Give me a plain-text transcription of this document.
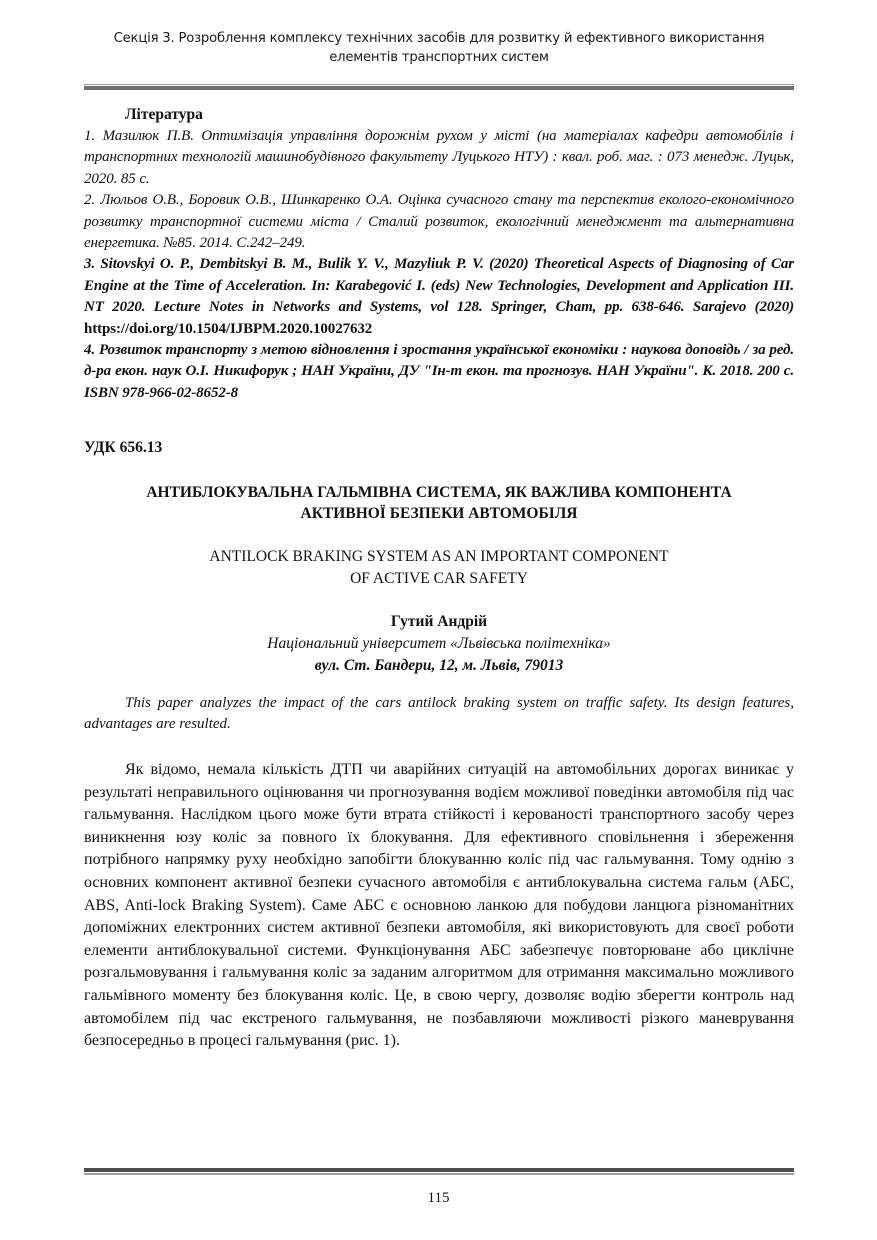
Секція 3. Розроблення комплексу технічних засобів для розвитку й ефективного використання елементів транспортних систем

Література

1. Мазилюк П.В. Оптимізація управління дорожнім рухом у місті (на матеріалах кафедри автомобілів і транспортних технологій машинобудівного факультету Луцького НТУ) : квал. роб. маг. : 073 менедж. Луцьк, 2020. 85 с.

2. Люльов О.В., Боровик О.В., Шинкаренко О.А. Оцінка сучасного стану та перспектив еколого-економічного розвитку транспортної системи міста / Сталий розвиток, екологічний менеджмент та альтернативна енергетика. №85. 2014. С.242–249.

3. Sitovskyi O. P., Dembitskyi B. M., Bulik Y. V., Mazyliuk P. V. (2020) Theoretical Aspects of Diagnosing of Car Engine at the Time of Acceleration. In: Karabegović I. (eds) New Technologies, Development and Application III. NT 2020. Lecture Notes in Networks and Systems, vol 128. Springer, Cham, pp. 638-646. Sarajevo (2020) https://doi.org/10.1504/IJBPM.2020.10027632

4. Розвиток транспорту з метою відновлення і зростання української економіки : наукова доповідь / за ред. д-ра екон. наук О.І. Никифорук ; НАН України, ДУ "Ін-т екон. та прогнозув. НАН України". К. 2018. 200 с. ISBN 978-966-02-8652-8

УДК 656.13
АНТИБЛОКУВАЛЬНА ГАЛЬМІВНА СИСТЕМА, ЯК ВАЖЛИВА КОМПОНЕНТА
АКТИВНОЇ БЕЗПЕКИ АВТОМОБІЛЯ
ANTILOCK BRAKING SYSTEM AS AN IMPORTANT COMPONENT
OF ACTIVE CAR SAFETY
Гутий Андрій
Національний університет «Львівська політехніка»
вул. Ст. Бандери, 12, м. Львів, 79013

This paper analyzes the impact of the cars antilock braking system on traffic safety. Its design features, advantages are resulted.

Як відомо, немала кількість ДТП чи аварійних ситуацій на автомобільних дорогах виникає у результаті неправильного оцінювання чи прогнозування водієм можливої поведінки автомобіля під час гальмування. Наслідком цього може бути втрата стійкості і керованості транспортного засобу через виникнення юзу коліс за повного їх блокування. Для ефективного сповільнення і збереження потрібного напрямку руху необхідно запобігти блокуванню коліс під час гальмування. Тому однію з основних компонент активної безпеки сучасного автомобіля є антиблокувальна система гальм (АБС, ABS, Anti-lock Braking System). Саме АБС є основною ланкою для побудови ланцюга різноманітних допоміжних електронних систем активної безпеки автомобіля, які використовують для своєї роботи елементи антиблокувальної системи. Функціонування АБС забезпечує повторюване або циклічне розгальмовування і гальмування коліс за заданим алгоритмом для отримання максимально можливого гальмівного моменту без блокування коліс. Це, в свою чергу, дозволяє водію зберегти контроль над автомобілем під час екстреного гальмування, не позбавляючи можливості різкого маневрування безпосередньо в процесі гальмування (рис. 1).

115
